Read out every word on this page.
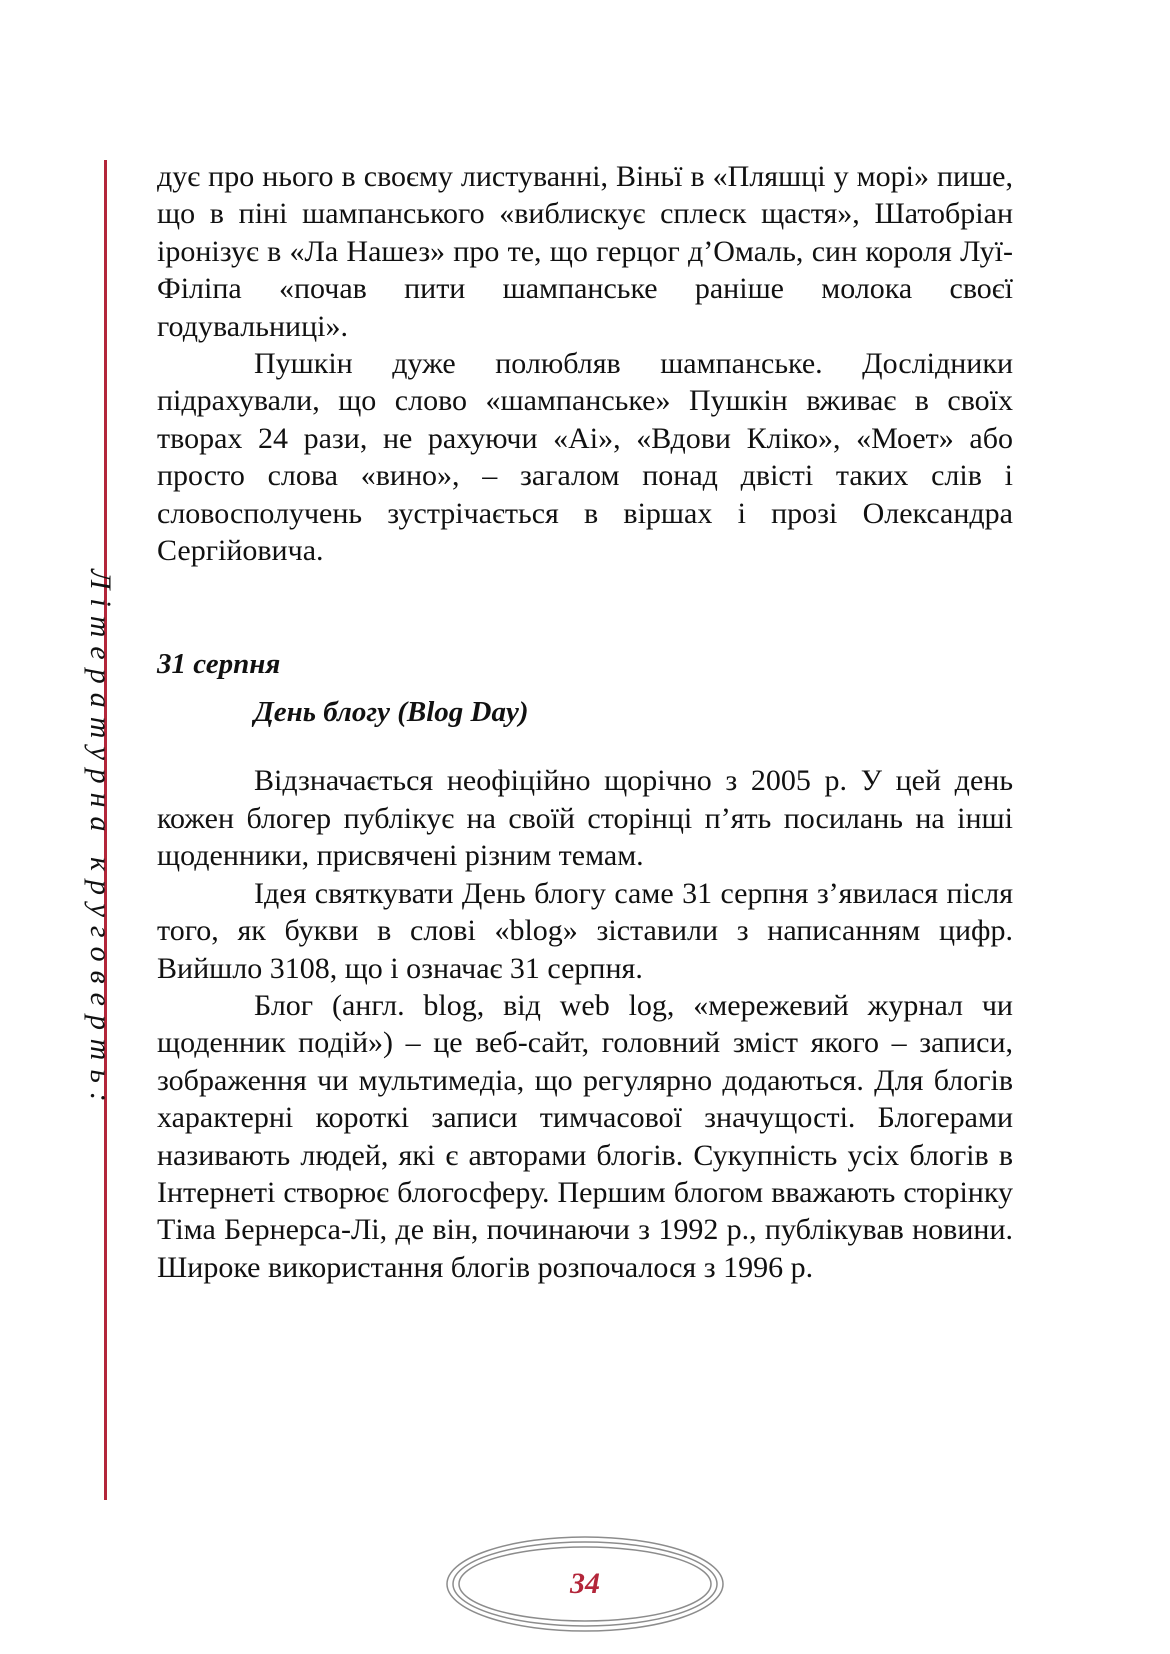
Літературна круговерть:

дує про нього в своєму листуванні, Віньї в «Пляшці у морі» пише, що в піні шампанського «виблискує сплеск щастя», Шатобріан іронізує в «Ла Нашез» про те, що герцог д’Омаль, син короля Луї-Філіпа «почав пити шампанське раніше молока своєї годувальниці».

Пушкін дуже полюбляв шампанське. Дослідники підрахували, що слово «шампанське» Пушкін вживає в своїх творах 24 рази, не рахуючи «Аі», «Вдови Кліко», «Моет» або просто слова «вино», – загалом понад двісті таких слів і словосполучень зустрічається в віршах і прозі Олександра Сергійовича.

31 серпня
День блогу (Blog Day)

Відзначається неофіційно щорічно з 2005 р. У цей день кожен блогер публікує на своїй сторінці п’ять посилань на інші щоденники, присвячені різним темам.

Ідея святкувати День блогу саме 31 серпня з’явилася після того, як букви в слові «blog» зіставили з написанням цифр. Вийшло 3108, що і означає 31 серпня.

Блог (англ. blog, від web log, «мережевий журнал чи щоденник подій») – це веб-сайт, головний зміст якого – записи, зображення чи мультимедіа, що регулярно додаються. Для блогів характерні короткі записи тимчасової значущості. Блогерами називають людей, які є авторами блогів. Сукупність усіх блогів в Інтернеті створює блогосферу. Першим блогом вважають сторінку Тіма Бернерса-Лі, де він, починаючи з 1992 р., публікував новини. Широке використання блогів розпочалося з 1996 р.

34
